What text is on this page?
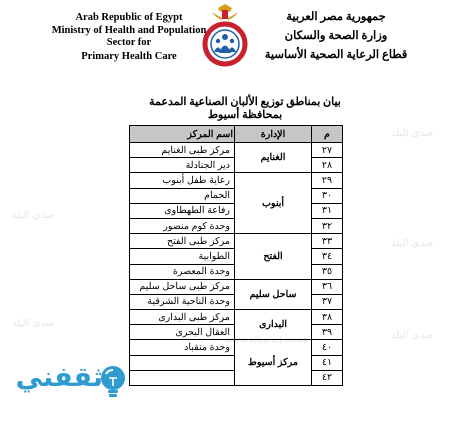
Arab Republic of Egypt
Ministry of Health and Population
Sector for
Primary Health Care
جمهورية مصر العربية
وزارة الصحة والسكان
قطاع الرعاية الصحية الأساسية
صدى البلد
صدى البلد
صدى البلد
صدى البلد
صدى البلد
www.elbalad.news
بيان بمناطق توزيع الألبان الصناعية المدعمة بمحافظة أسيوط
م	الإدارة	اسم المركز
٢٧	الغنايم	مركز طبى الغنايم
٢٨		دير الجنادلة
٢٩	أبنوب	رعاية طفل أبنوب
٣٠		الحمام
٣١		رفاعة الطهطاوى
٣٢		وحدة كوم منصور
٣٣	الفتح	مركز طبى الفتح
٣٤		الطوابية
٣٥		وحدة المعصرة
٣٦	ساحل سليم	مركز طبى ساحل سليم
٣٧		وحدة الناحية الشرقية
٣٨	البدارى	مركز طبى البدارى
٣٩		العقال البحرى
٤٠	مركز أسيوط	وحدة منقباد
٤١		
٤٢		
ثقفني
